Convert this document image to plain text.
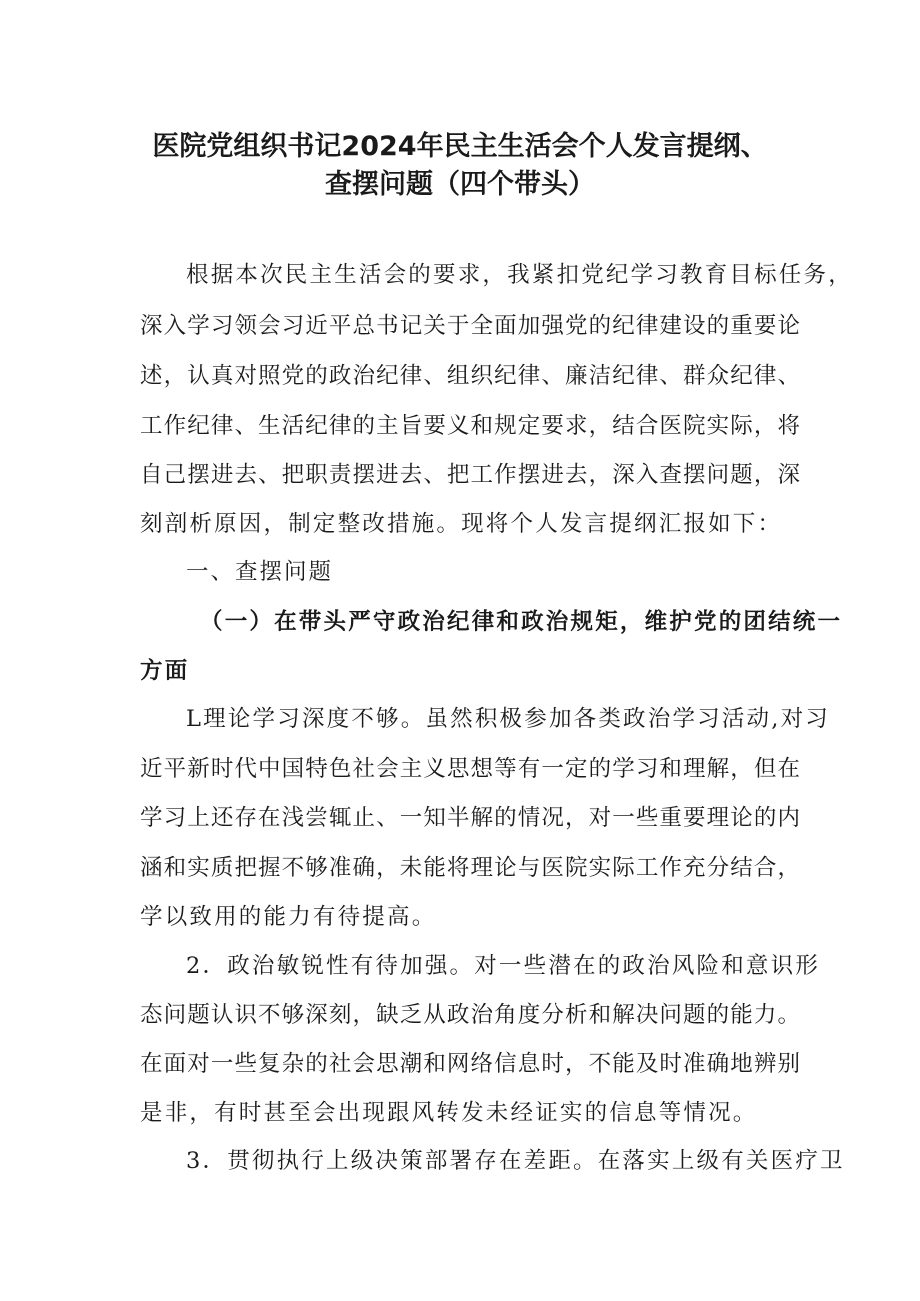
医院党组织书记2024年民主生活会个人发言提纲、
查摆问题（四个带头）
根据本次民主生活会的要求，我紧扣党纪学习教育目标任务，
深入学习领会习近平总书记关于全面加强党的纪律建设的重要论
述，认真对照党的政治纪律、组织纪律、廉洁纪律、群众纪律、
工作纪律、生活纪律的主旨要义和规定要求，结合医院实际，将
自己摆进去、把职责摆进去、把工作摆进去，深入查摆问题，深
刻剖析原因，制定整改措施。现将个人发言提纲汇报如下：
一、查摆问题
（一）在带头严守政治纪律和政治规矩，维护党的团结统一
方面
L理论学习深度不够。虽然积极参加各类政治学习活动,对习
近平新时代中国特色社会主义思想等有一定的学习和理解，但在
学习上还存在浅尝辄止、一知半解的情况，对一些重要理论的内
涵和实质把握不够准确，未能将理论与医院实际工作充分结合，
学以致用的能力有待提高。
2．政治敏锐性有待加强。对一些潜在的政治风险和意识形
态问题认识不够深刻，缺乏从政治角度分析和解决问题的能力。
在面对一些复杂的社会思潮和网络信息时，不能及时准确地辨别
是非，有时甚至会出现跟风转发未经证实的信息等情况。
3．贯彻执行上级决策部署存在差距。在落实上级有关医疗卫
